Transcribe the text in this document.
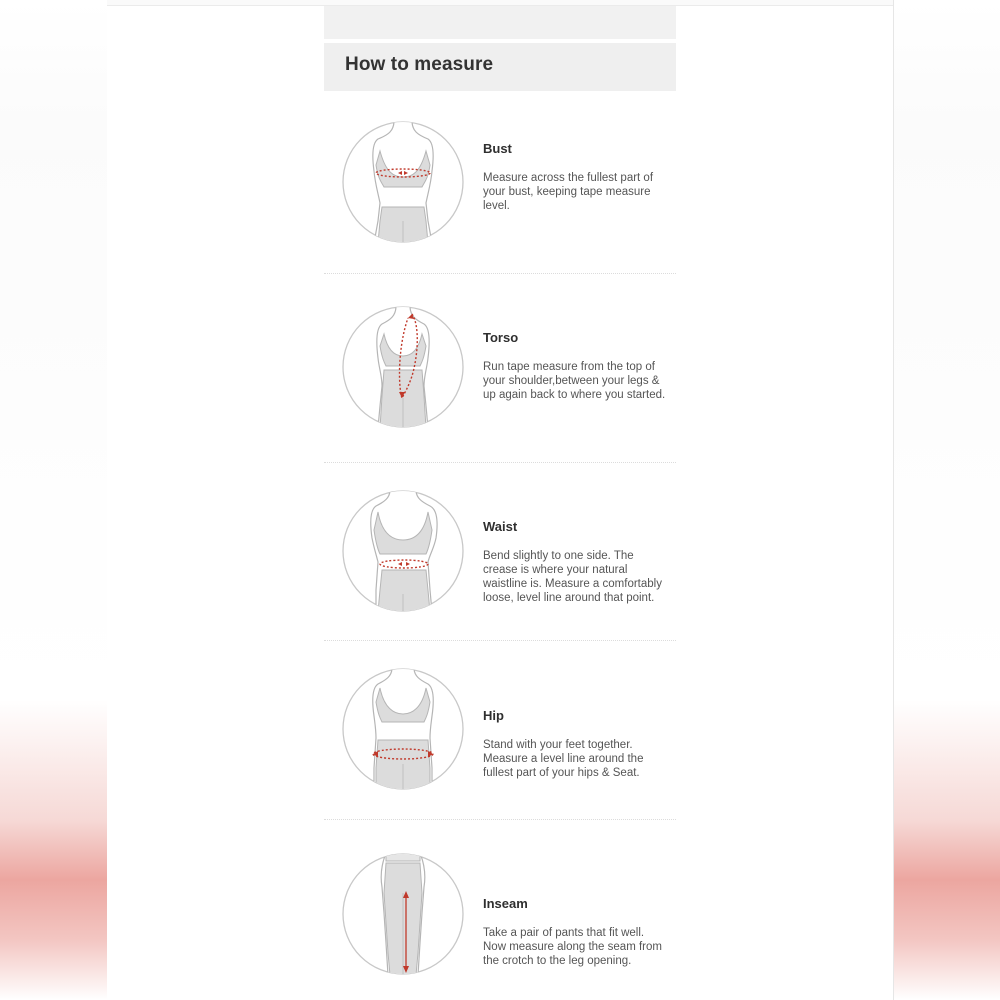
How to measure
Bust
Measure across the fullest part of your bust, keeping tape measure level.
Torso
Run tape measure from the top of your shoulder,between your legs & up again back to where you started.
Waist
Bend slightly to one side. The crease is where your natural waistline is. Measure a comfortably loose, level line around that point.
Hip
Stand with your feet together. Measure a level line around the fullest part of your hips & Seat.
Inseam
Take a pair of pants that fit well. Now measure along the seam from the crotch to the leg opening.
